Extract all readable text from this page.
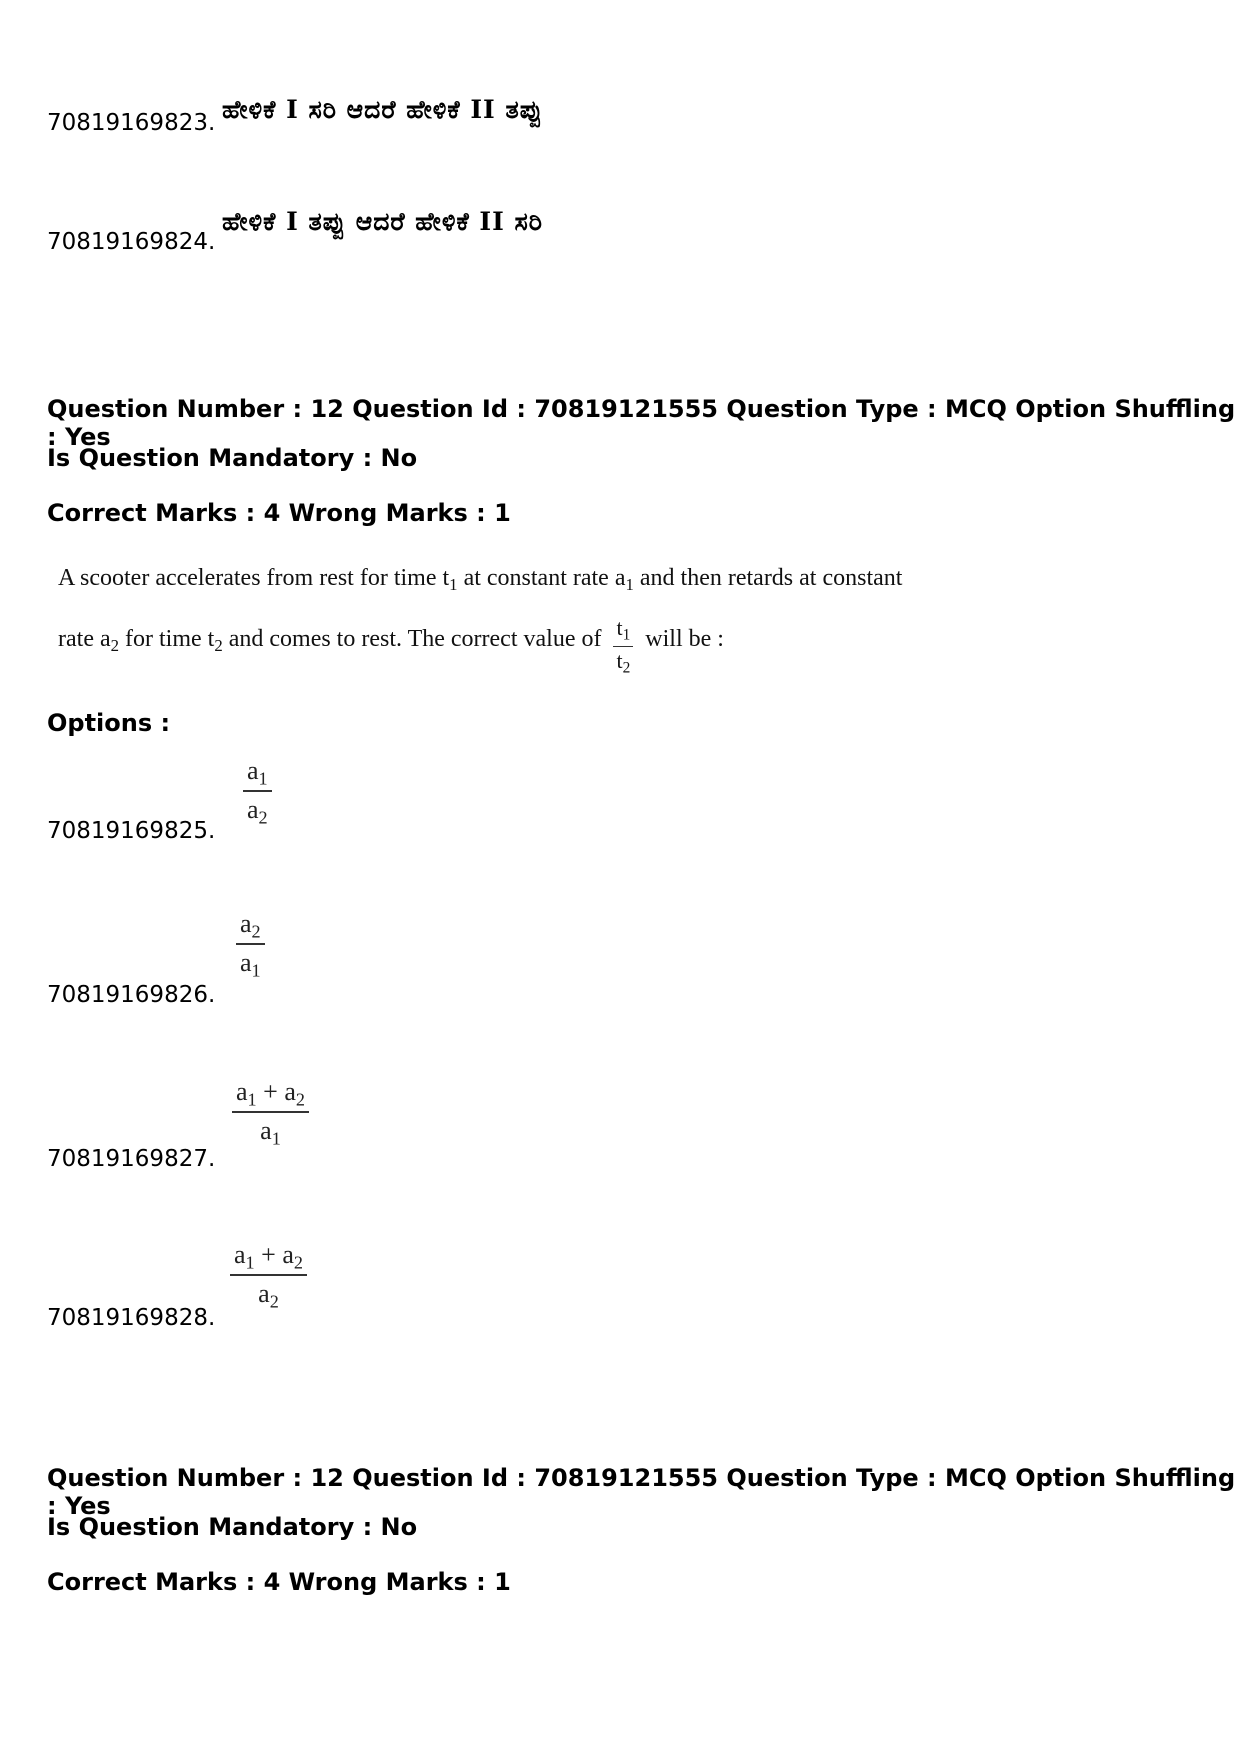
70819169823. ಹೇಳಿಕೆ I ಸರಿ ಆದರೆ ಹೇಳಿಕೆ II ತಪ್ಪು
70819169824.
ಹೇಳಿಕೆ I ತಪ್ಪು ಆದರೆ ಹೇಳಿಕೆ II ಸರಿ
Question Number : 12 Question Id : 70819121555 Question Type : MCQ Option Shuffling : Yes
Is Question Mandatory : No
Correct Marks : 4 Wrong Marks : 1
A scooter accelerates from rest for time $t_1$ at constant rate $a_1$ and then retards at constant
rate $a_2$ for time $t_2$ and comes to rest. The correct value of $\frac{t_1}{t_2}$ will be :
Options :
70819169825.
$\frac{a_1}{a_2}$
70819169826.
$\frac{a_2}{a_1}$
70819169827.
$\frac{a_1 + a_2}{a_1}$
70819169828.
$\frac{a_1 + a_2}{a_2}$
Question Number : 12 Question Id : 70819121555 Question Type : MCQ Option Shuffling : Yes
Is Question Mandatory : No
Correct Marks : 4 Wrong Marks : 1
